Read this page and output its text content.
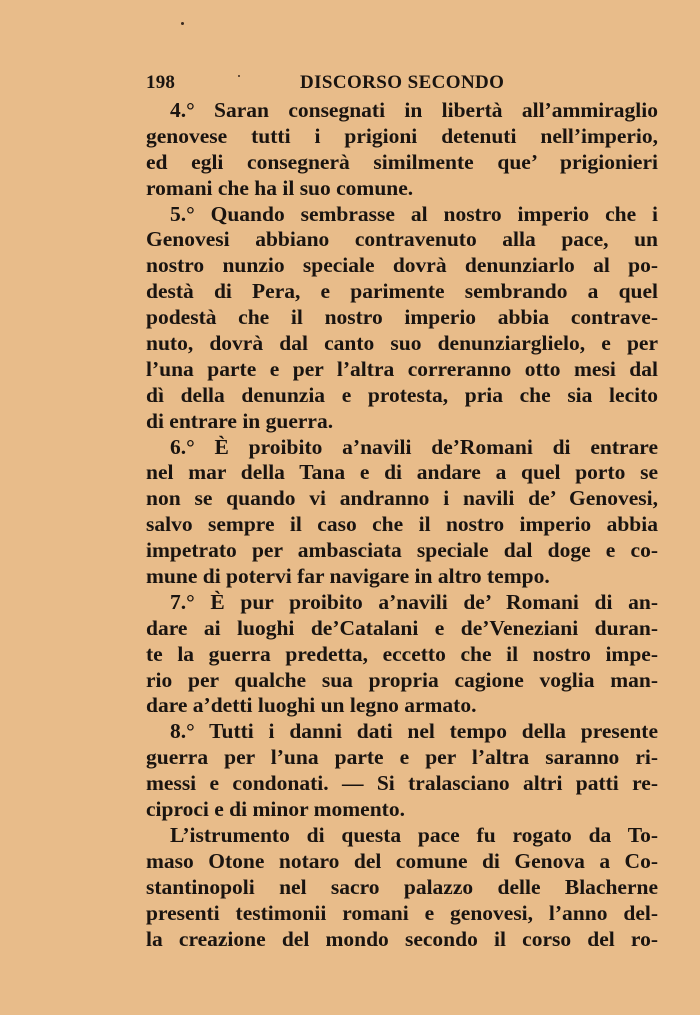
198	DISCORSO SECONDO
4.° Saran consegnati in libertà all’ammiraglio
genovese tutti i prigioni detenuti nell’imperio,
ed egli consegnerà similmente que’ prigionieri
romani che ha il suo comune.
5.° Quando sembrasse al nostro imperio che i
Genovesi abbiano contravenuto alla pace, un
nostro nunzio speciale dovrà denunziarlo al po-
destà di Pera, e parimente sembrando a quel
podestà che il nostro imperio abbia contrave-
nuto, dovrà dal canto suo denunziarglielo, e per
l’una parte e per l’altra correranno otto mesi dal
dì della denunzia e protesta, pria che sia lecito
di entrare in guerra.
6.° È proibito a’navili de’Romani di entrare
nel mar della Tana e di andare a quel porto se
non se quando vi andranno i navili de’ Genovesi,
salvo sempre il caso che il nostro imperio abbia
impetrato per ambasciata speciale dal doge e co-
mune di potervi far navigare in altro tempo.
7.° È pur proibito a’navili de’ Romani di an-
dare ai luoghi de’Catalani e de’Veneziani duran-
te la guerra predetta, eccetto che il nostro impe-
rio per qualche sua propria cagione voglia man-
dare a’detti luoghi un legno armato.
8.° Tutti i danni dati nel tempo della presente
guerra per l’una parte e per l’altra saranno ri-
messi e condonati. — Si tralasciano altri patti re-
ciproci e di minor momento.
L’istrumento di questa pace fu rogato da To-
maso Otone notaro del comune di Genova a Co-
stantinopoli nel sacro palazzo delle Blacherne
presenti testimonii romani e genovesi, l’anno del-
la creazione del mondo secondo il corso del ro-
